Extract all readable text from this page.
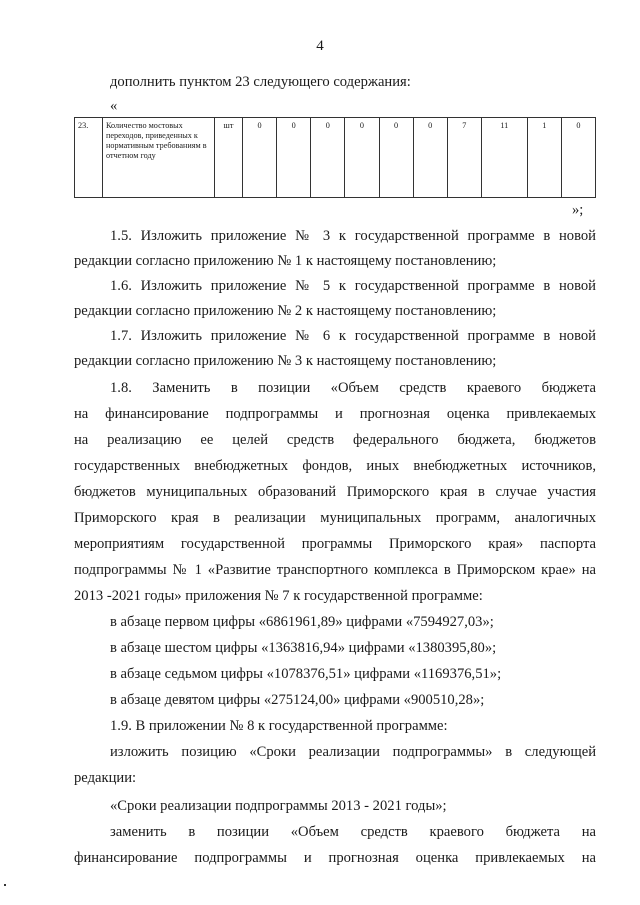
4
дополнить пунктом 23 следующего содержания:
«
23.	Количество мостовых переходов, приведенных к нормативным требованиям в отчетном году	шт	0	0	0	0	0	0	7	11	1	0
»;
1.5. Изложить приложение № 3 к государственной программе в новой
редакции согласно приложению № 1 к настоящему постановлению;
1.6. Изложить приложение № 5 к государственной программе в новой
редакции согласно приложению № 2 к настоящему постановлению;
1.7. Изложить приложение № 6 к государственной программе в новой
редакции согласно приложению № 3 к настоящему постановлению;
1.8. Заменить в позиции «Объем средств краевого бюджета
на финансирование подпрограммы и прогнозная оценка привлекаемых
на реализацию ее целей средств федерального бюджета, бюджетов
государственных внебюджетных фондов, иных внебюджетных источников,
бюджетов муниципальных образований Приморского края в случае участия
Приморского края в реализации муниципальных программ, аналогичных
мероприятиям государственной программы Приморского края» паспорта
подпрограммы № 1 «Развитие транспортного комплекса в Приморском крае» на
2013 -2021 годы» приложения № 7 к государственной программе:
в абзаце первом цифры «6861961,89» цифрами «7594927,03»;
в абзаце шестом цифры «1363816,94» цифрами «1380395,80»;
в абзаце седьмом цифры «1078376,51» цифрами «1169376,51»;
в абзаце девятом цифры «275124,00» цифрами «900510,28»;
1.9. В приложении № 8 к государственной программе:
изложить позицию «Сроки реализации подпрограммы» в следующей
редакции:
«Сроки реализации подпрограммы 2013 - 2021 годы»;
заменить в позиции «Объем средств краевого бюджета на
финансирование подпрограммы и прогнозная оценка привлекаемых на
